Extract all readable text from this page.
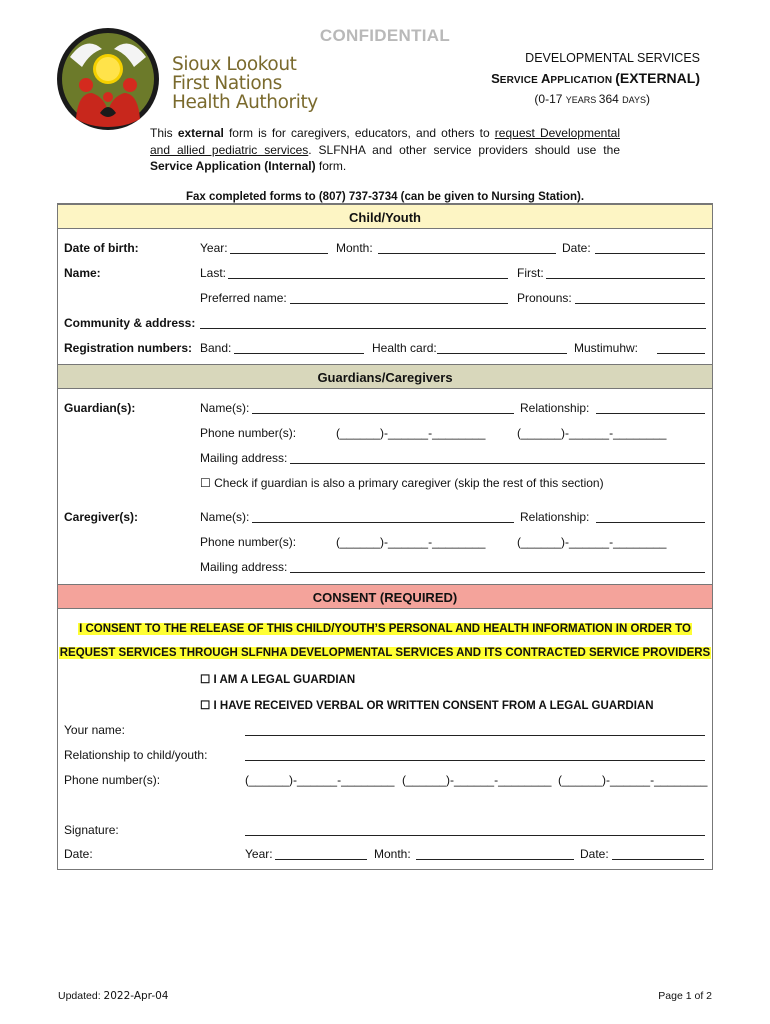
CONFIDENTIAL
Sioux Lookout
First Nations
Health Authority
DEVELOPMENTAL SERVICES
SERVICE APPLICATION (EXTERNAL)
(0-17 YEARS 364 DAYS)
This external form is for caregivers, educators, and others to request Developmental and allied pediatric services. SLFNHA and other service providers should use the Service Application (Internal) form.
Fax completed forms to (807) 737-3734 (can be given to Nursing Station).
Child/Youth
Date of birth:	Year:	Month:	Date:
Name:	Last:	First:
Preferred name:	Pronouns:
Community & address:
Registration numbers: Band:	Health card:	Mustimuhw:
Guardians/Caregivers
Guardian(s):	Name(s):	Relationship:
Phone number(s):	(______)-______-________	(______)-______-________
Mailing address:
☐ Check if guardian is also a primary caregiver (skip the rest of this section)
Caregiver(s):	Name(s):	Relationship:
Phone number(s):	(______)-______-________	(______)-______-________
Mailing address:
CONSENT (REQUIRED)
I CONSENT TO THE RELEASE OF THIS CHILD/YOUTH’S PERSONAL AND HEALTH INFORMATION IN ORDER TO
REQUEST SERVICES THROUGH SLFNHA DEVELOPMENTAL SERVICES AND ITS CONTRACTED SERVICE PROVIDERS
☐ I AM A LEGAL GUARDIAN
☐ I HAVE RECEIVED VERBAL OR WRITTEN CONSENT FROM A LEGAL GUARDIAN
Your name:
Relationship to child/youth:
Phone number(s):	(______)-______-________ (______)-______-________ (______)-______-________
Signature:
Date:	Year:	Month:	Date:
Updated: 2022-Apr-04	Page 1 of 2
